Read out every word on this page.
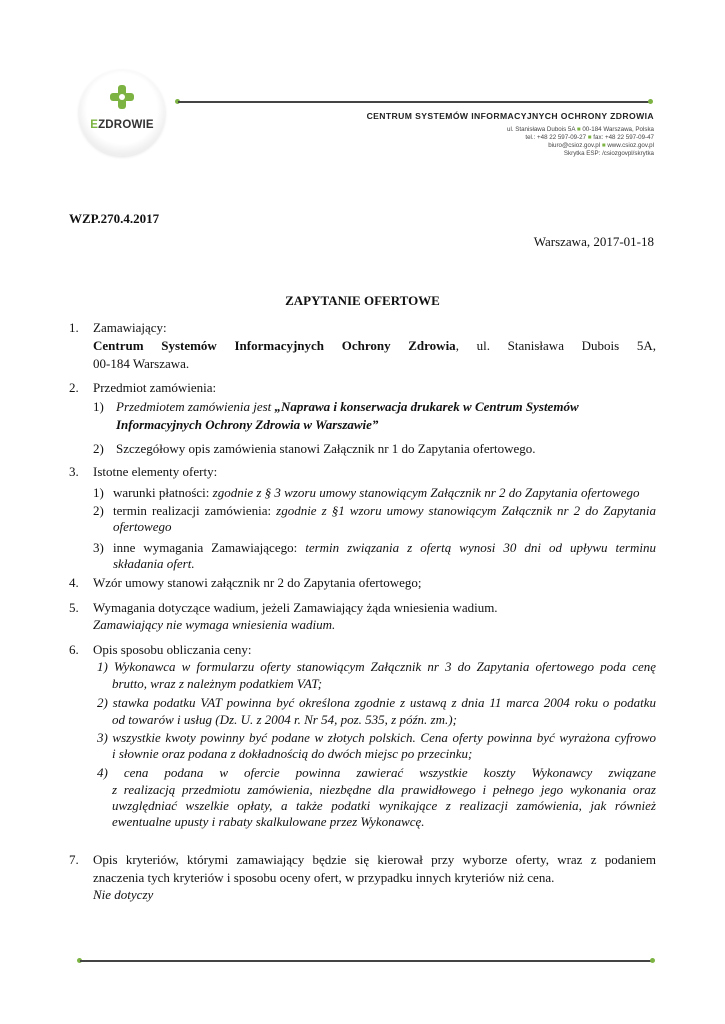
EZDROWIE
CENTRUM SYSTEMÓW INFORMACYJNYCH OCHRONY ZDROWIA
ul. Stanisława Dubois 5A ■ 00-184 Warszawa, Polska
tel.: +48 22 597-09-27 ■ fax: +48 22 597-09-47
biuro@csioz.gov.pl ■ www.csioz.gov.pl
Skrytka ESP: /csiozgovpl/skrytka
WZP.270.4.2017
Warszawa, 2017-01-18
ZAPYTANIE OFERTOWE
1. Zamawiający:
Centrum Systemów Informacyjnych Ochrony Zdrowia, ul. Stanisława Dubois 5A,
00-184 Warszawa.
2. Przedmiot zamówienia:
1) Przedmiotem zamówienia jest „Naprawa i konserwacja drukarek w Centrum Systemów
Informacyjnych Ochrony Zdrowia w Warszawie”
2) Szczegółowy opis zamówienia stanowi Załącznik nr 1 do Zapytania ofertowego.
3. Istotne elementy oferty:
1) warunki płatności: zgodnie z § 3 wzoru umowy stanowiącym Załącznik nr 2 do Zapytania ofertowego
2) termin realizacji zamówienia: zgodnie z §1 wzoru umowy stanowiącym Załącznik nr 2 do Zapytania
ofertowego
3) inne wymagania Zamawiającego: termin związania z ofertą wynosi 30 dni od upływu terminu
składania ofert.
4. Wzór umowy stanowi załącznik nr 2 do Zapytania ofertowego;
5. Wymagania dotyczące wadium, jeżeli Zamawiający żąda wniesienia wadium.
Zamawiający nie wymaga wniesienia wadium.
6. Opis sposobu obliczania ceny:
1) Wykonawca w formularzu oferty stanowiącym Załącznik nr 3 do Zapytania ofertowego poda cenę
brutto, wraz z należnym podatkiem VAT;
2) stawka podatku VAT powinna być określona zgodnie z ustawą z dnia 11 marca 2004 roku o podatku
od towarów i usług (Dz. U. z 2004 r. Nr 54, poz. 535, z późn. zm.);
3) wszystkie kwoty powinny być podane w złotych polskich. Cena oferty powinna być wyrażona cyfrowo
i słownie oraz podana z dokładnością do dwóch miejsc po przecinku;
4) cena podana w ofercie powinna zawierać wszystkie koszty Wykonawcy związane
z realizacją przedmiotu zamówienia, niezbędne dla prawidłowego i pełnego jego wykonania oraz
uwzględniać wszelkie opłaty, a także podatki wynikające z realizacji zamówienia, jak również
ewentualne upusty i rabaty skalkulowane przez Wykonawcę.
7. Opis kryteriów, którymi zamawiający będzie się kierował przy wyborze oferty, wraz z podaniem
znaczenia tych kryteriów i sposobu oceny ofert, w przypadku innych kryteriów niż cena.
Nie dotyczy
